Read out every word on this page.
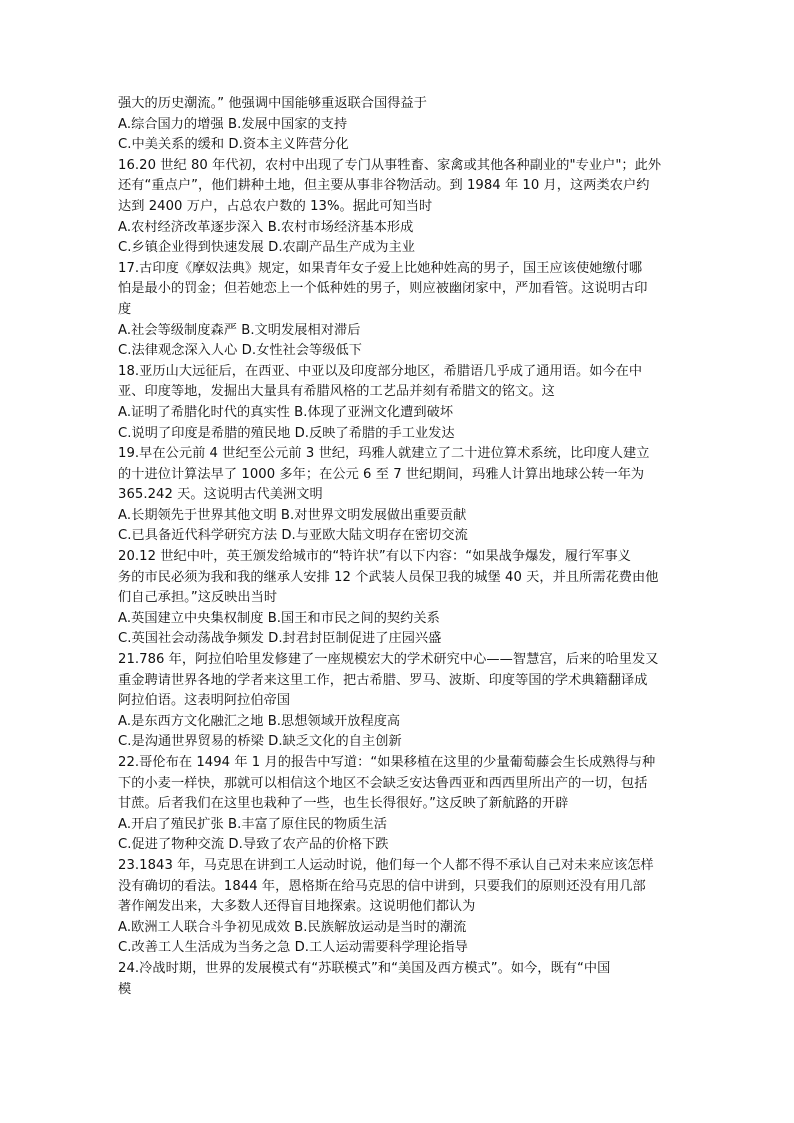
强大的历史潮流。” 他强调中国能够重返联合国得益于
A.综合国力的增强 B.发展中国家的支持
C.中美关系的缓和 D.资本主义阵营分化
16.20 世纪 80 年代初，农村中出现了专门从事牲畜、家禽或其他各种副业的"专业户"；此外
还有“重点户”，他们耕种土地，但主要从事非谷物活动。到 1984 年 10 月，这两类农户约
达到 2400 万户，占总农户数的 13%。据此可知当时
A.农村经济改革逐步深入 B.农村市场经济基本形成
C.乡镇企业得到快速发展 D.农副产品生产成为主业
17.古印度《摩奴法典》规定，如果青年女子爱上比她种姓高的男子，国王应该使她缴付哪
怕是最小的罚金；但若她恋上一个低种姓的男子，则应被幽闭家中，严加看管。这说明古印
度
A.社会等级制度森严 B.文明发展相对滞后
C.法律观念深入人心 D.女性社会等级低下
18.亚历山大远征后，在西亚、中亚以及印度部分地区，希腊语几乎成了通用语。如今在中
亚、印度等地，发掘出大量具有希腊风格的工艺品并刻有希腊文的铭文。这
A.证明了希腊化时代的真实性 B.体现了亚洲文化遭到破坏
C.说明了印度是希腊的殖民地 D.反映了希腊的手工业发达
19.早在公元前 4 世纪至公元前 3 世纪，玛雅人就建立了二十进位算术系统，比印度人建立
的十进位计算法早了 1000 多年；在公元 6 至 7 世纪期间，玛雅人计算出地球公转一年为
365.242 天。这说明古代美洲文明
A.长期领先于世界其他文明 B.对世界文明发展做出重要贡献
C.已具备近代科学研究方法 D.与亚欧大陆文明存在密切交流
20.12 世纪中叶，英王颁发给城市的“特许状”有以下内容：“如果战争爆发，履行军事义
务的市民必须为我和我的继承人安排 12 个武装人员保卫我的城堡 40 天，并且所需花费由他
们自己承担。”这反映出当时
A.英国建立中央集权制度 B.国王和市民之间的契约关系
C.英国社会动荡战争频发 D.封君封臣制促进了庄园兴盛
21.786 年，阿拉伯哈里发修建了一座规模宏大的学术研究中心——智慧宫，后来的哈里发又
重金聘请世界各地的学者来这里工作，把古希腊、罗马、波斯、印度等国的学术典籍翻译成
阿拉伯语。这表明阿拉伯帝国
A.是东西方文化融汇之地 B.思想领域开放程度高
C.是沟通世界贸易的桥梁 D.缺乏文化的自主创新
22.哥伦布在 1494 年 1 月的报告中写道：“如果移植在这里的少量葡萄藤会生长成熟得与种
下的小麦一样快，那就可以相信这个地区不会缺乏安达鲁西亚和西西里所出产的一切，包括
甘蔗。后者我们在这里也栽种了一些，也生长得很好。”这反映了新航路的开辟
A.开启了殖民扩张 B.丰富了原住民的物质生活
C.促进了物种交流 D.导致了农产品的价格下跌
23.1843 年，马克思在讲到工人运动时说，他们每一个人都不得不承认自己对未来应该怎样
没有确切的看法。1844 年，恩格斯在给马克思的信中讲到，只要我们的原则还没有用几部
著作阐发出来，大多数人还得盲目地探索。这说明他们都认为
A.欧洲工人联合斗争初见成效 B.民族解放运动是当时的潮流
C.改善工人生活成为当务之急 D.工人运动需要科学理论指导
24.冷战时期，世界的发展模式有“苏联模式”和“美国及西方模式”。如今，既有“中国
模
